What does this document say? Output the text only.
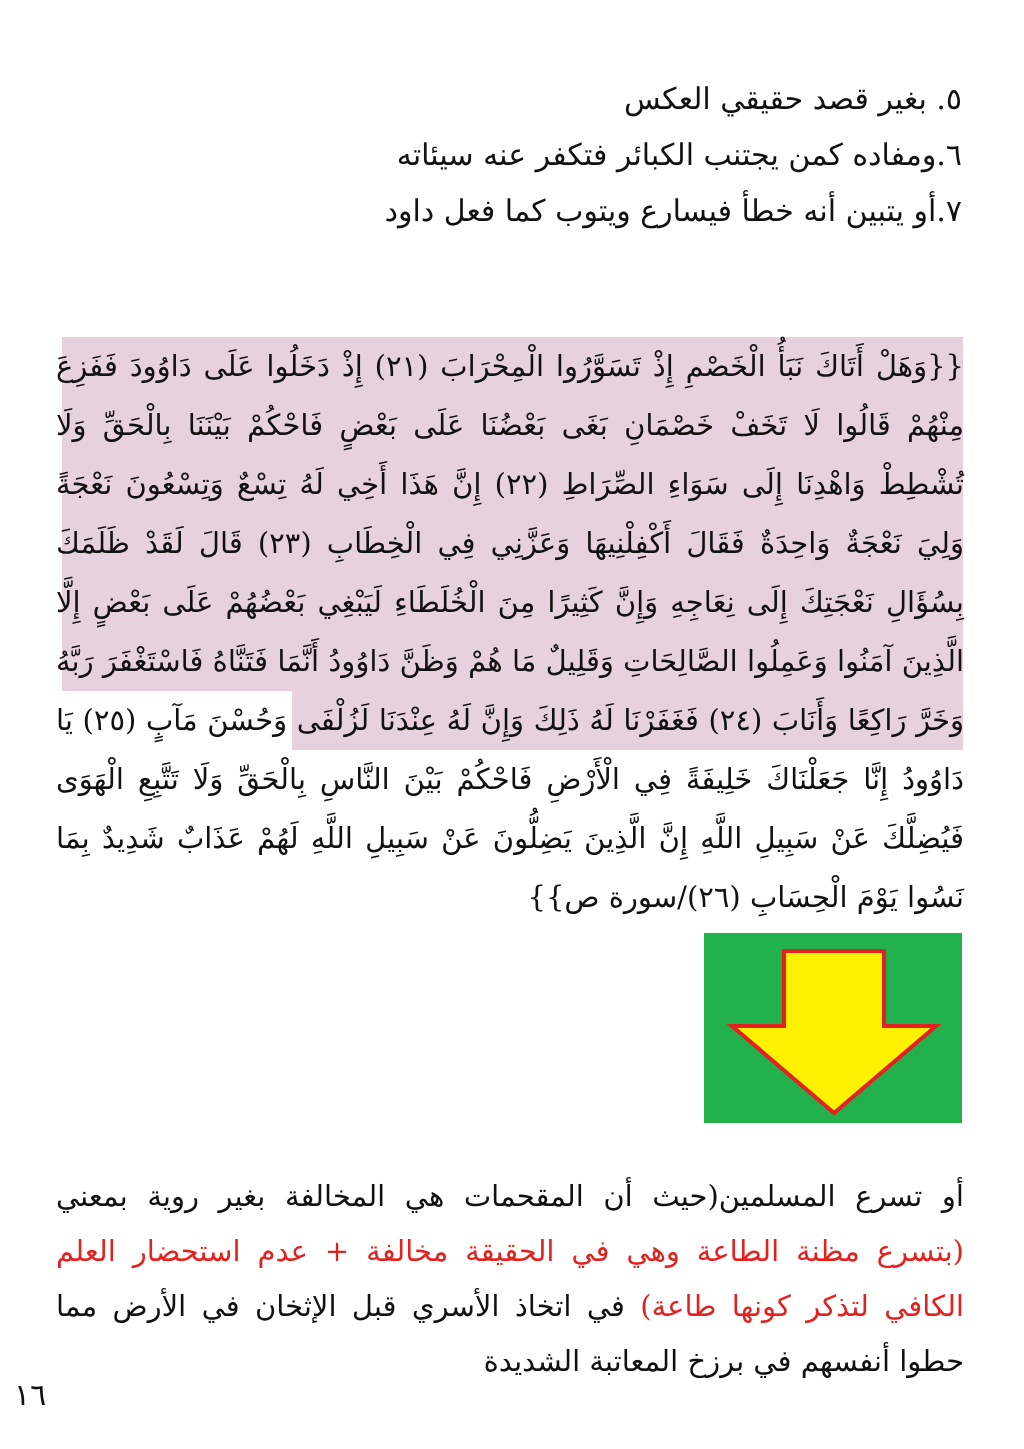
٥. بغير قصد حقيقي العكس
٦.ومفاده كمن يجتنب الكبائر فتكفر عنه سيئاته
٧.أو يتبين أنه خطأ فيسارع ويتوب كما فعل داود

{{وَهَلْ أَتَاكَ نَبَأُ الْخَصْمِ إِذْ تَسَوَّرُوا الْمِحْرَابَ (٢١) إِذْ دَخَلُوا عَلَى دَاوُودَ فَفَزِعَ مِنْهُمْ قَالُوا لَا تَخَفْ خَصْمَانِ بَغَى بَعْضُنَا عَلَى بَعْضٍ فَاحْكُمْ بَيْنَنَا بِالْحَقِّ وَلَا تُشْطِطْ وَاهْدِنَا إِلَى سَوَاءِ الصِّرَاطِ (٢٢) إِنَّ هَذَا أَخِي لَهُ تِسْعٌ وَتِسْعُونَ نَعْجَةً وَلِيَ نَعْجَةٌ وَاحِدَةٌ فَقَالَ أَكْفِلْنِيهَا وَعَزَّنِي فِي الْخِطَابِ (٢٣) قَالَ لَقَدْ ظَلَمَكَ بِسُؤَالِ نَعْجَتِكَ إِلَى نِعَاجِهِ وَإِنَّ كَثِيرًا مِنَ الْخُلَطَاءِ لَيَبْغِي بَعْضُهُمْ عَلَى بَعْضٍ إِلَّا الَّذِينَ آمَنُوا وَعَمِلُوا الصَّالِحَاتِ وَقَلِيلٌ مَا هُمْ وَظَنَّ دَاوُودُ أَنَّمَا فَتَنَّاهُ فَاسْتَغْفَرَ رَبَّهُ وَخَرَّ رَاكِعًا وَأَنَابَ (٢٤) فَغَفَرْنَا لَهُ ذَلِكَ وَإِنَّ لَهُ عِنْدَنَا لَزُلْفَى وَحُسْنَ مَآبٍ (٢٥) يَا دَاوُودُ إِنَّا جَعَلْنَاكَ خَلِيفَةً فِي الْأَرْضِ فَاحْكُمْ بَيْنَ النَّاسِ بِالْحَقِّ وَلَا تَتَّبِعِ الْهَوَى فَيُضِلَّكَ عَنْ سَبِيلِ اللَّهِ إِنَّ الَّذِينَ يَضِلُّونَ عَنْ سَبِيلِ اللَّهِ لَهُمْ عَذَابٌ شَدِيدٌ بِمَا نَسُوا يَوْمَ الْحِسَابِ (٢٦)/سورة ص}}

أو تسرع المسلمين(حيث أن المقحمات هي المخالفة بغير روية بمعني (بتسرع مظنة الطاعة وهي في الحقيقة مخالفة + عدم استحضار العلم الكافي لتذكر كونها طاعة) في اتخاذ الأسري قبل الإثخان في الأرض مما حطوا أنفسهم في برزخ المعاتبة الشديدة

١٦
